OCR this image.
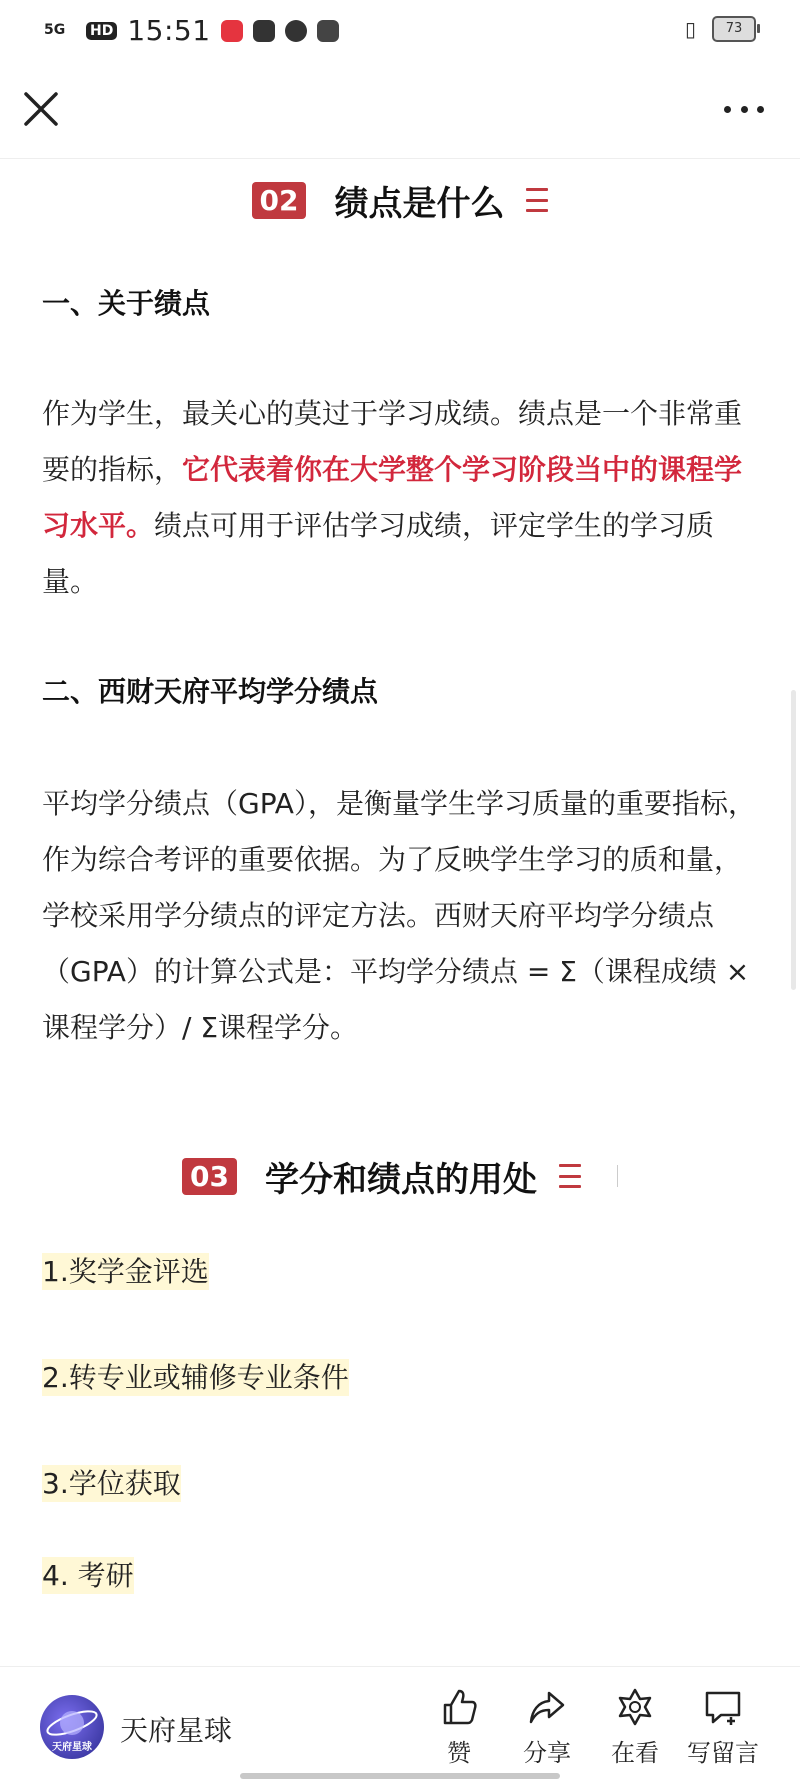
5G	HD 15:51	▯	73
02 绩点是什么

一、关于绩点

作为学生，最关心的莫过于学习成绩。绩点是一个非常重要的指标，它代表着你在大学整个学习阶段当中的课程学习水平。绩点可用于评估学习成绩，评定学生的学习质量。

二、西财天府平均学分绩点

平均学分绩点（GPA），是衡量学生学习质量的重要指标，作为综合考评的重要依据。为了反映学生学习的质和量，学校采用学分绩点的评定方法。西财天府平均学分绩点（GPA）的计算公式是：平均学分绩点 = Σ（课程成绩 × 课程学分）/ Σ课程学分。

03 学分和绩点的用处
1.奖学金评选
2.转专业或辅修专业条件
3.学位获取
4. 考研
天府星球
天府星球
赞	分享	在看	写留言
